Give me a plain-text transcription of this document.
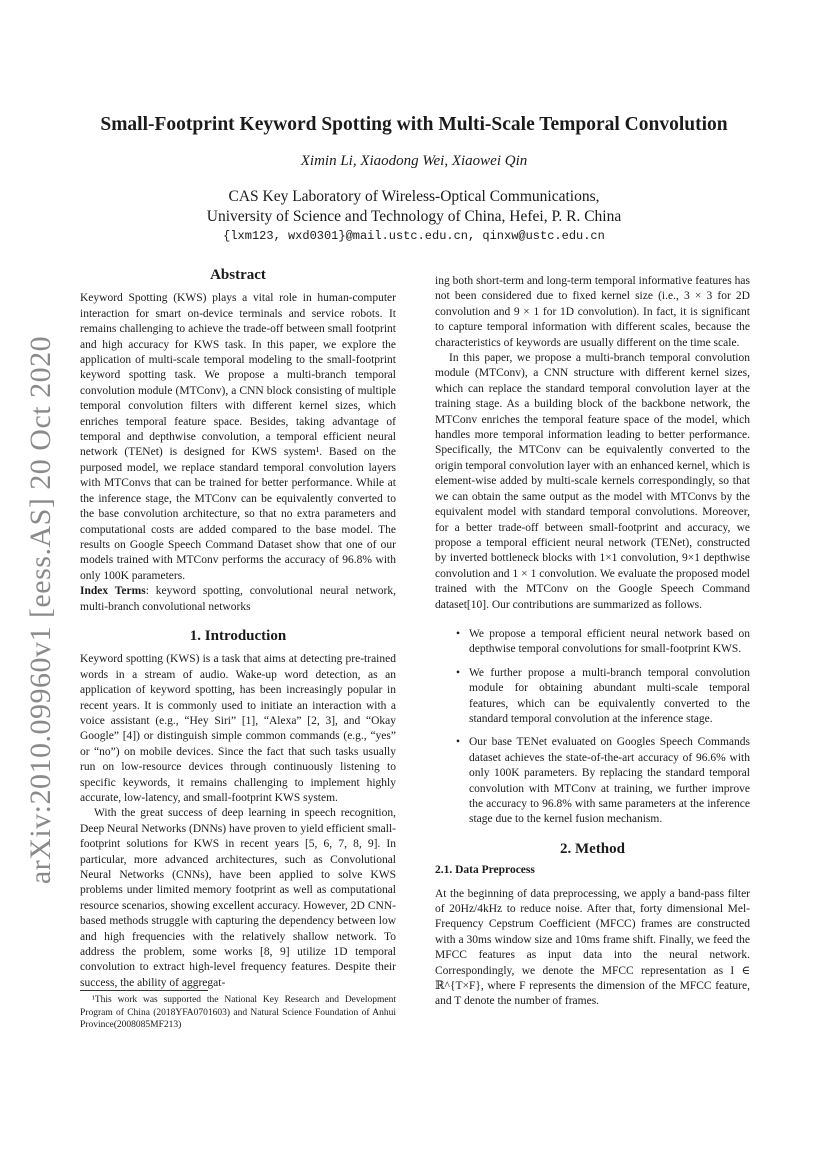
Small-Footprint Keyword Spotting with Multi-Scale Temporal Convolution
Ximin Li, Xiaodong Wei, Xiaowei Qin
CAS Key Laboratory of Wireless-Optical Communications,
University of Science and Technology of China, Hefei, P. R. China
{lxm123, wxd0301}@mail.ustc.edu.cn, qinxw@ustc.edu.cn
arXiv:2010.09960v1 [eess.AS] 20 Oct 2020
Abstract

Keyword Spotting (KWS) plays a vital role in human-computer interaction for smart on-device terminals and service robots. It remains challenging to achieve the trade-off between small footprint and high accuracy for KWS task. In this paper, we explore the application of multi-scale temporal modeling to the small-footprint keyword spotting task. We propose a multi-branch temporal convolution module (MTConv), a CNN block consisting of multiple temporal convolution filters with different kernel sizes, which enriches temporal feature space. Besides, taking advantage of temporal and depthwise convolution, a temporal efficient neural network (TENet) is designed for KWS system¹. Based on the purposed model, we replace standard temporal convolution layers with MTConvs that can be trained for better performance. While at the inference stage, the MTConv can be equivalently converted to the base convolution architecture, so that no extra parameters and computational costs are added compared to the base model. The results on Google Speech Command Dataset show that one of our models trained with MTConv performs the accuracy of 96.8% with only 100K parameters.

Index Terms: keyword spotting, convolutional neural network, multi-branch convolutional networks

1. Introduction

Keyword spotting (KWS) is a task that aims at detecting pre-trained words in a stream of audio. Wake-up word detection, as an application of keyword spotting, has been increasingly popular in recent years. It is commonly used to initiate an interaction with a voice assistant (e.g., “Hey Siri” [1], “Alexa” [2, 3], and “Okay Google” [4]) or distinguish simple common commands (e.g., “yes” or “no”) on mobile devices. Since the fact that such tasks usually run on low-resource devices through continuously listening to specific keywords, it remains challenging to implement highly accurate, low-latency, and small-footprint KWS system.

With the great success of deep learning in speech recognition, Deep Neural Networks (DNNs) have proven to yield efficient small-footprint solutions for KWS in recent years [5, 6, 7, 8, 9]. In particular, more advanced architectures, such as Convolutional Neural Networks (CNNs), have been applied to solve KWS problems under limited memory footprint as well as computational resource scenarios, showing excellent accuracy. However, 2D CNN-based methods struggle with capturing the dependency between low and high frequencies with the relatively shallow network. To address the problem, some works [8, 9] utilize 1D temporal convolution to extract high-level frequency features. Despite their success, the ability of aggregat-

¹This work was supported the National Key Research and Development Program of China (2018YFA0701603) and Natural Science Foundation of Anhui Province(2008085MF213)

ing both short-term and long-term temporal informative features has not been considered due to fixed kernel size (i.e., 3 × 3 for 2D convolution and 9 × 1 for 1D convolution). In fact, it is significant to capture temporal information with different scales, because the characteristics of keywords are usually different on the time scale.

In this paper, we propose a multi-branch temporal convolution module (MTConv), a CNN structure with different kernel sizes, which can replace the standard temporal convolution layer at the training stage. As a building block of the backbone network, the MTConv enriches the temporal feature space of the model, which handles more temporal information leading to better performance. Specifically, the MTConv can be equivalently converted to the origin temporal convolution layer with an enhanced kernel, which is element-wise added by multi-scale kernels correspondingly, so that we can obtain the same output as the model with MTConvs by the equivalent model with standard temporal convolutions. Moreover, for a better trade-off between small-footprint and accuracy, we propose a temporal efficient neural network (TENet), constructed by inverted bottleneck blocks with 1×1 convolution, 9×1 depthwise convolution and 1 × 1 convolution. We evaluate the proposed model trained with the MTConv on the Google Speech Command dataset[10]. Our contributions are summarized as follows.

• We propose a temporal efficient neural network based on depthwise temporal convolutions for small-footprint KWS.
• We further propose a multi-branch temporal convolution module for obtaining abundant multi-scale temporal features, which can be equivalently converted to the standard temporal convolution at the inference stage.
• Our base TENet evaluated on Googles Speech Commands dataset achieves the state-of-the-art accuracy of 96.6% with only 100K parameters. By replacing the standard temporal convolution with MTConv at training, we further improve the accuracy to 96.8% with same parameters at the inference stage due to the kernel fusion mechanism.
2. Method
2.1. Data Preprocess

At the beginning of data preprocessing, we apply a band-pass filter of 20Hz/4kHz to reduce noise. After that, forty dimensional Mel-Frequency Cepstrum Coefficient (MFCC) frames are constructed with a 30ms window size and 10ms frame shift. Finally, we feed the MFCC features as input data into the neural network. Correspondingly, we denote the MFCC representation as I ∈ ℝ^{T×F}, where F represents the dimension of the MFCC feature, and T denote the number of frames.
